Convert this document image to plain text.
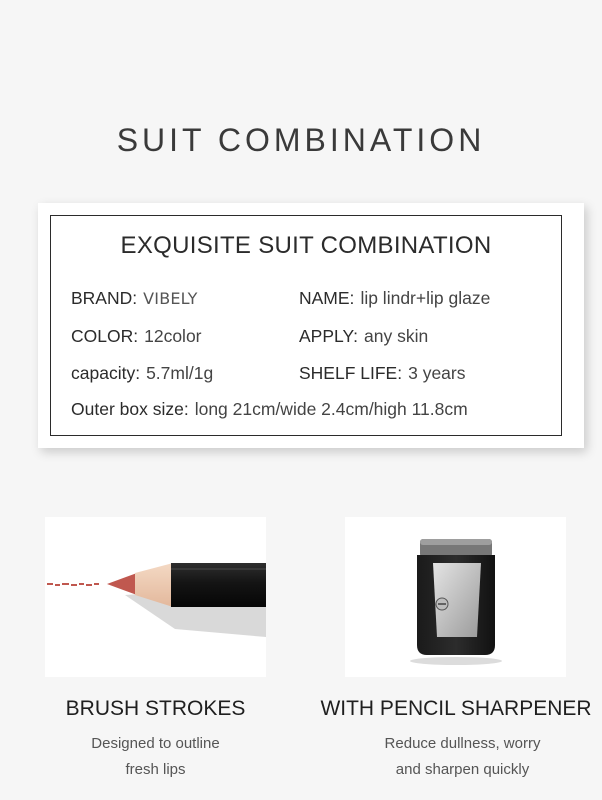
SUIT COMBINATION
EXQUISITE SUIT COMBINATION
BRAND: VIBELY	NAME: lip lindr+lip glaze
COLOR: 12color	APPLY: any skin
capacity: 5.7ml/1g	SHELF LIFE: 3 years
Outer box size: long 21cm/wide 2.4cm/high 11.8cm
BRUSH STROKES
Designed to outline
fresh lips
WITH PENCIL SHARPENER
Reduce dullness, worry
and sharpen quickly
